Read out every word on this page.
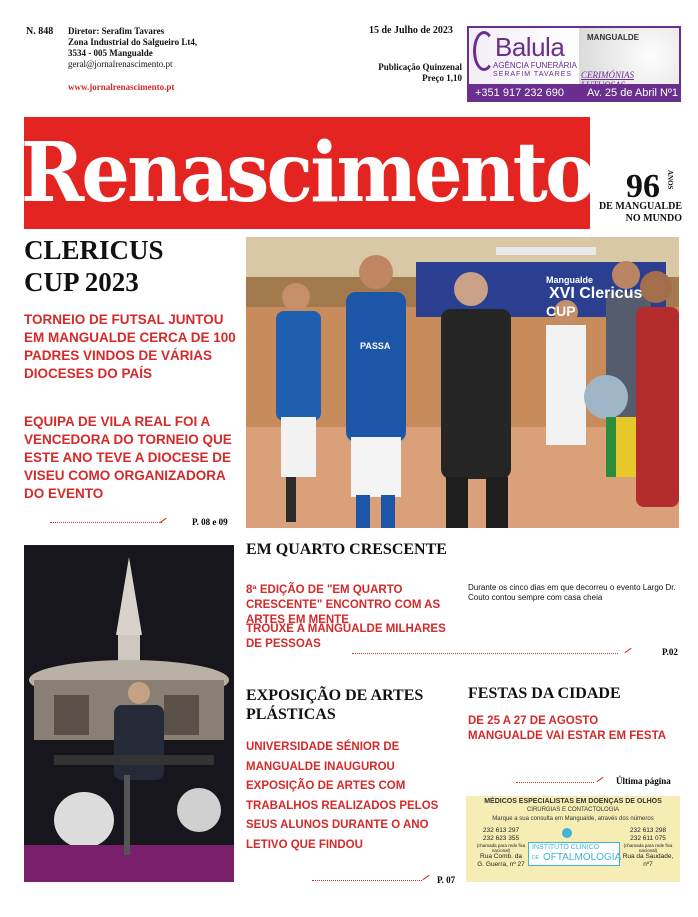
N. 848 Diretor: Serafim Tavares
Zona Industrial do Salgueiro Lt4,
3534 - 005 Mangualde
geral@jornalrenascimento.pt
www.jornalrenascimento.pt
15 de Julho de 2023
Publicação Quinzenal
Preço 1,10
Balula
AGÊNCIA FUNERÁRIA
SERAFIM TAVARES
MANGUALDE
CERIMÓNIAS
+351 917 232 690 Av. 25 de Abril Nº1
Renascimento 96 ANOS
DE MANGUALDE
NO MUNDO
CLERICUS
CUP 2023
TORNEIO DE FUTSAL JUNTOU EM MANGUALDE CERCA DE 100 PADRES VINDOS DE VÁRIAS DIOCESES DO PAÍS
EQUIPA DE VILA REAL FOI A VENCEDORA DO TORNEIO QUE ESTE ANO TEVE A DIOCESE DE VISEU COMO ORGANIZADORA DO EVENTO
P. 08 e 09
Mangualde
XVI Clericus
CUP
PASSA
EM QUARTO CRESCENTE
8ª EDIÇÃO DE "EM QUARTO CRESCENTE" ENCONTRO COM AS ARTES EM MENTE
TROUXE A MANGUALDE MILHARES DE PESSOAS
Durante os cinco dias em que decorreu o evento Largo Dr. Couto contou sempre com casa cheia
P.02
EXPOSIÇÃO DE ARTES PLÁSTICAS
UNIVERSIDADE SÉNIOR DE
MANGUALDE INAUGUROU
EXPOSIÇÃO DE ARTES COM
TRABALHOS REALIZADOS PELOS
SEUS ALUNOS DURANTE O ANO
LETIVO QUE FINDOU
P. 07
FESTAS DA CIDADE
DE 25 A 27 DE AGOSTO
MANGUALDE VAI ESTAR EM FESTA
Última página
MÉDICOS ESPECIALISTAS EM DOENÇAS DE OLHOS
CIRURGIAS E CONTACTOLOGIA
Marque a sua consulta em Mangualde, através dos números
232 613 297
232 623 355
(chamada para rede fixa nacional)
Rua Comb. da
G. Guerra, nº 27
INSTITUTO CLÍNICO
DE OFTALMOLOGIA
232 613 298
232 611 075
(chamada para rede fixa nacional)
Rua da Saudade,
nº7
